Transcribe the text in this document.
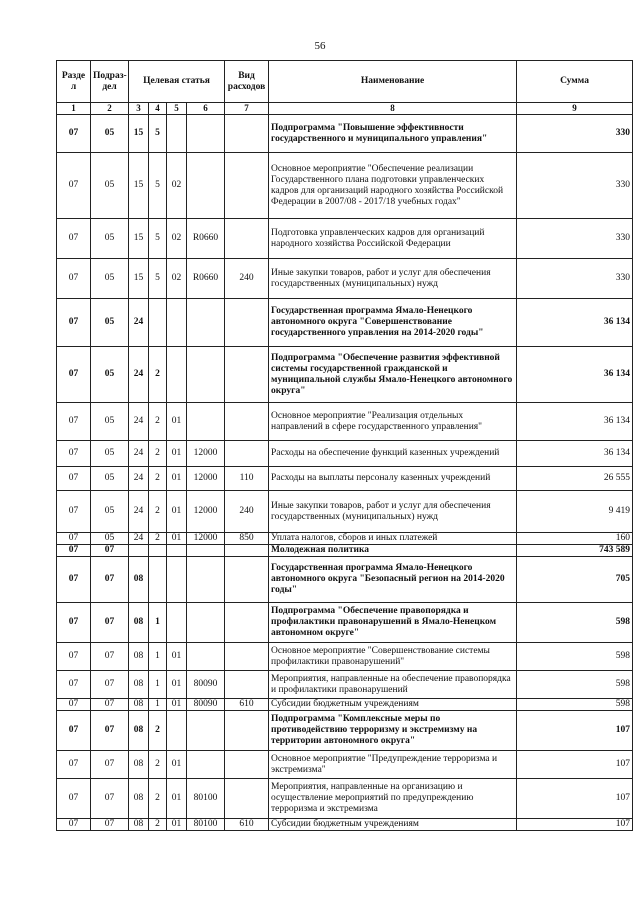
56
Разде л	Подраз- дел	Целевая статья				Вид расходов	Наименование	Сумма
1	2	3	4	5	6	7	8	9
07	05	15	5				Подпрограмма "Повышение эффективности государственного и муниципального управления"	330
07	05	15	5	02			Основное мероприятие "Обеспечение реализации Государственного плана подготовки управленческих кадров для организаций народного хозяйства Российской Федерации в 2007/08 - 2017/18 учебных годах"	330
07	05	15	5	02	R0660		Подготовка управленческих кадров для организаций народного хозяйства Российской Федерации	330
07	05	15	5	02	R0660	240	Иные закупки товаров, работ и услуг для обеспечения государственных (муниципальных) нужд	330
07	05	24					Государственная программа Ямало-Ненецкого автономного округа "Совершенствование государственного управления на 2014-2020 годы"	36 134
07	05	24	2				Подпрограмма "Обеспечение развития эффективной системы государственной гражданской и муниципальной службы Ямало-Ненецкого автономного округа"	36 134
07	05	24	2	01			Основное мероприятие "Реализация отдельных направлений в сфере государственного управления"	36 134
07	05	24	2	01	12000		Расходы на обеспечение функций казенных учреждений	36 134
07	05	24	2	01	12000	110	Расходы на выплаты персоналу казенных учреждений	26 555
07	05	24	2	01	12000	240	Иные закупки товаров, работ и услуг для обеспечения государственных (муниципальных) нужд	9 419
07	05	24	2	01	12000	850	Уплата налогов, сборов и иных платежей	160
07	07						Молодежная политика	743 589
07	07	08					Государственная программа Ямало-Ненецкого автономного округа "Безопасный регион на 2014-2020 годы"	705
07	07	08	1				Подпрограмма "Обеспечение правопорядка и профилактики правонарушений в Ямало-Ненецком автономном округе"	598
07	07	08	1	01			Основное мероприятие "Совершенствование системы профилактики правонарушений"	598
07	07	08	1	01	80090		Мероприятия, направленные на обеспечение правопорядка и профилактики правонарушений	598
07	07	08	1	01	80090	610	Субсидии бюджетным учреждениям	598
07	07	08	2				Подпрограмма "Комплексные меры по противодействию терроризму и экстремизму на территории автономного округа"	107
07	07	08	2	01			Основное мероприятие "Предупреждение терроризма и экстремизма"	107
07	07	08	2	01	80100		Мероприятия, направленные на организацию и осуществление мероприятий по предупреждению терроризма и экстремизма	107
07	07	08	2	01	80100	610	Субсидии бюджетным учреждениям	107
